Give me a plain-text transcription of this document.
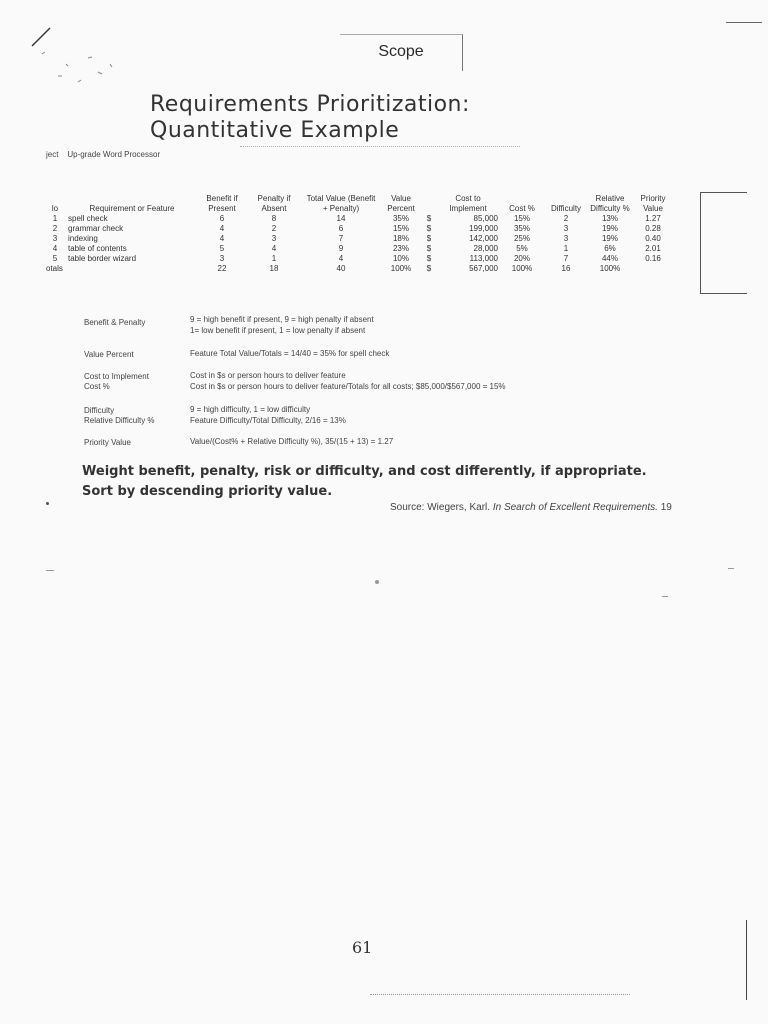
Scope
Requirements Prioritization:
Quantitative Example
ject Up-grade Word Processor
lo	Requirement or Feature	Benefit if Present	Penalty if Absent	Total Value (Benefit + Penalty)	Value Percent		Cost to Implement	Cost %	Difficulty	Relative Difficulty %	Priority Value
1	spell check	6	8	14	35%	$	85,000	15%	2	13%	1.27
2	grammar check	4	2	6	15%	$	199,000	35%	3	19%	0.28
3	indexing	4	3	7	18%	$	142,000	25%	3	19%	0.40
4	table of contents	5	4	9	23%	$	28,000	5%	1	6%	2.01
5	table border wizard	3	1	4	10%	$	113,000	20%	7	44%	0.16
otals		22	18	40	100%	$	567,000	100%	16	100%	
Benefit & Penalty	9 = high benefit if present, 9 = high penalty if absent
1= low benefit if present, 1 = low penalty if absent
Value Percent	Feature Total Value/Totals = 14/40 = 35% for spell check
Cost to Implement	Cost in $s or person hours to deliver feature
Cost %	Cost in $s or person hours to deliver feature/Totals for all costs; $85,000/$567,000 = 15%
Difficulty	9 = high difficulty, 1 = low difficulty
Relative Difficulty %	Feature Difficulty/Total Difficulty, 2/16 = 13%
Priority Value	Value/(Cost% + Relative Difficulty %), 35/(15 + 13) = 1.27
Weight benefit, penalty, risk or difficulty, and cost differently, if appropriate.
Sort by descending priority value.
Source: Wiegers, Karl. In Search of Excellent Requirements. 19
61
